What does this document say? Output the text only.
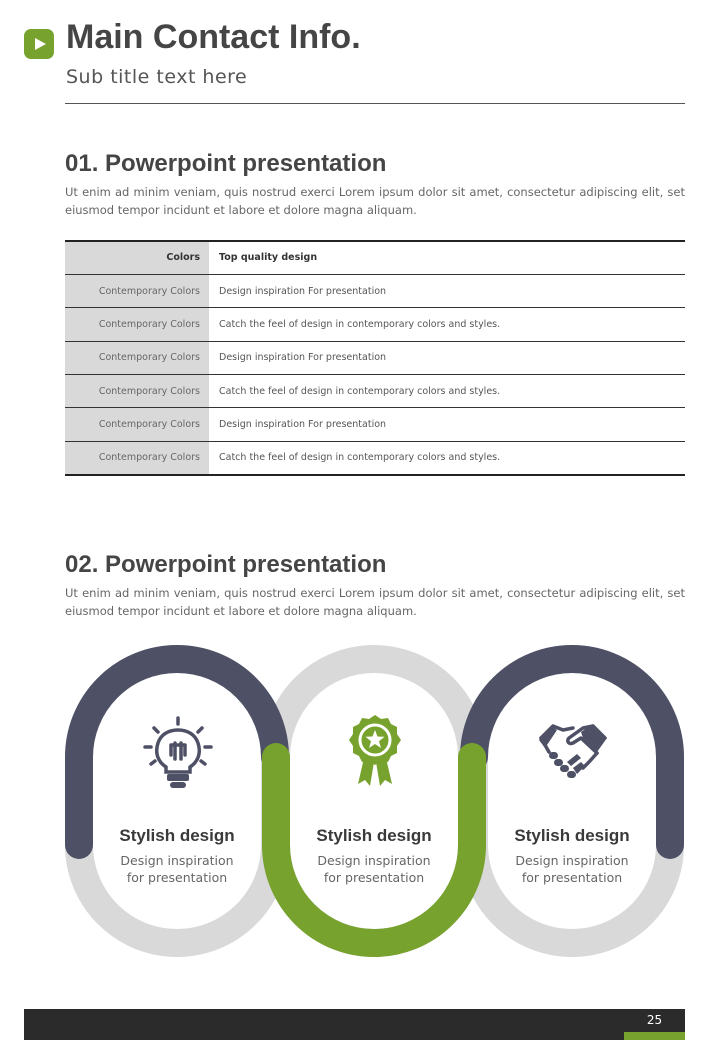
Main Contact Info.
Sub title text here
01. Powerpoint presentation
Ut enim ad minim veniam, quis nostrud exerci Lorem ipsum dolor sit amet, consectetur adipiscing elit, set eiusmod tempor incidunt et labore et dolore magna aliquam.
Colors	Top quality design
Contemporary Colors	Design inspiration For presentation
Contemporary Colors	Catch the feel of design in contemporary colors and styles.
Contemporary Colors	Design inspiration For presentation
Contemporary Colors	Catch the feel of design in contemporary colors and styles.
Contemporary Colors	Design inspiration For presentation
Contemporary Colors	Catch the feel of design in contemporary colors and styles.
02. Powerpoint presentation
Ut enim ad minim veniam, quis nostrud exerci Lorem ipsum dolor sit amet, consectetur adipiscing elit, set eiusmod tempor incidunt et labore et dolore magna aliquam.
Stylish design
Design inspiration
for presentation
Stylish design
Design inspiration
for presentation
Stylish design
Design inspiration
for presentation
25
